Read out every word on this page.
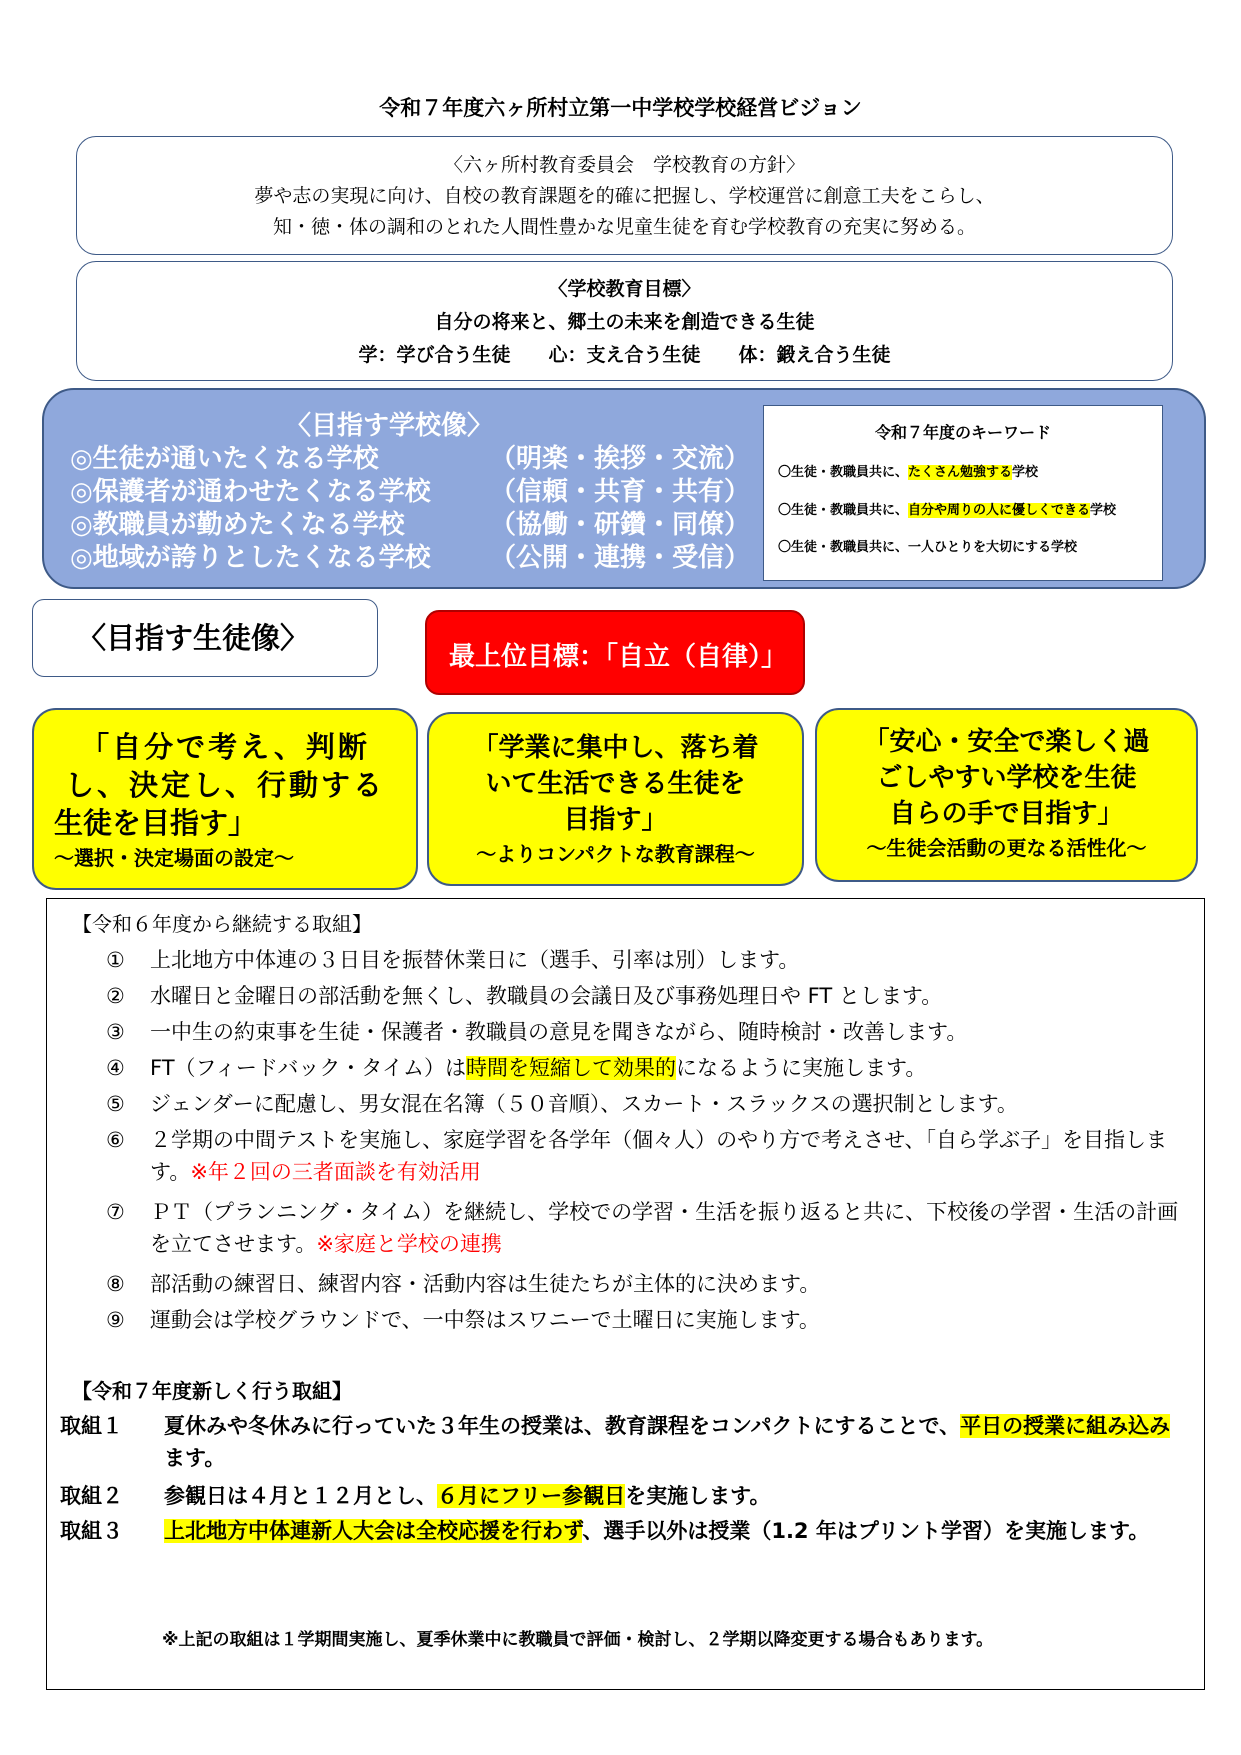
令和７年度六ヶ所村立第一中学校学校経営ビジョン
〈六ヶ所村教育委員会　学校教育の方針〉
夢や志の実現に向け、自校の教育課題を的確に把握し、学校運営に創意工夫をこらし、
知・徳・体の調和のとれた人間性豊かな児童生徒を育む学校教育の充実に努める。
〈学校教育目標〉
自分の将来と、郷土の未来を創造できる生徒
学：学び合う生徒　　心：支え合う生徒　　体：鍛え合う生徒
〈目指す学校像〉
◎生徒が通いたくなる学校	（明楽・挨拶・交流）
◎保護者が通わせたくなる学校 （信頼・共育・共有）
◎教職員が勤めたくなる学校	（協働・研鑽・同僚）
◎地域が誇りとしたくなる学校 （公開・連携・受信）
令和７年度のキーワード
〇生徒・教職員共に、たくさん勉強する学校
〇生徒・教職員共に、自分や周りの人に優しくできる学校
〇生徒・教職員共に、一人ひとりを大切にする学校
〈目指す生徒像〉
最上位目標：「自立（自律）」
「自分で考え、判断
し、決定し、行動する
生徒を目指す」
～選択・決定場面の設定～
「学業に集中し、落ち着
いて生活できる生徒を
目指す」
～よりコンパクトな教育課程～
「安心・安全で楽しく過
ごしやすい学校を生徒
自らの手で目指す」
～生徒会活動の更なる活性化～
【令和６年度から継続する取組】
① 上北地方中体連の３日目を振替休業日に（選手、引率は別）します。
② 水曜日と金曜日の部活動を無くし、教職員の会議日及び事務処理日や FT とします。
③ 一中生の約束事を生徒・保護者・教職員の意見を聞きながら、随時検討・改善します。
④ FT（フィードバック・タイム）は時間を短縮して効果的になるように実施します。
⑤ ジェンダーに配慮し、男女混在名簿（５０音順）、スカート・スラックスの選択制とします。
⑥ ２学期の中間テストを実施し、家庭学習を各学年（個々人）のやり方で考えさせ、「自ら学ぶ子」を目指します。※年２回の三者面談を有効活用
⑦ ＰＴ（プランニング・タイム）を継続し、学校での学習・生活を振り返ると共に、下校後の学習・生活の計画を立てさせます。※家庭と学校の連携
⑧ 部活動の練習日、練習内容・活動内容は生徒たちが主体的に決めます。
⑨ 運動会は学校グラウンドで、一中祭はスワニーで土曜日に実施します。
【令和７年度新しく行う取組】
取組１ 夏休みや冬休みに行っていた３年生の授業は、教育課程をコンパクトにすることで、平日の授業に組み込みます。
取組２ 参観日は４月と１２月とし、６月にフリー参観日を実施します。
取組３ 上北地方中体連新人大会は全校応援を行わず、選手以外は授業（1.2 年はプリント学習）を実施します。
※上記の取組は１学期間実施し、夏季休業中に教職員で評価・検討し、２学期以降変更する場合もあります。
